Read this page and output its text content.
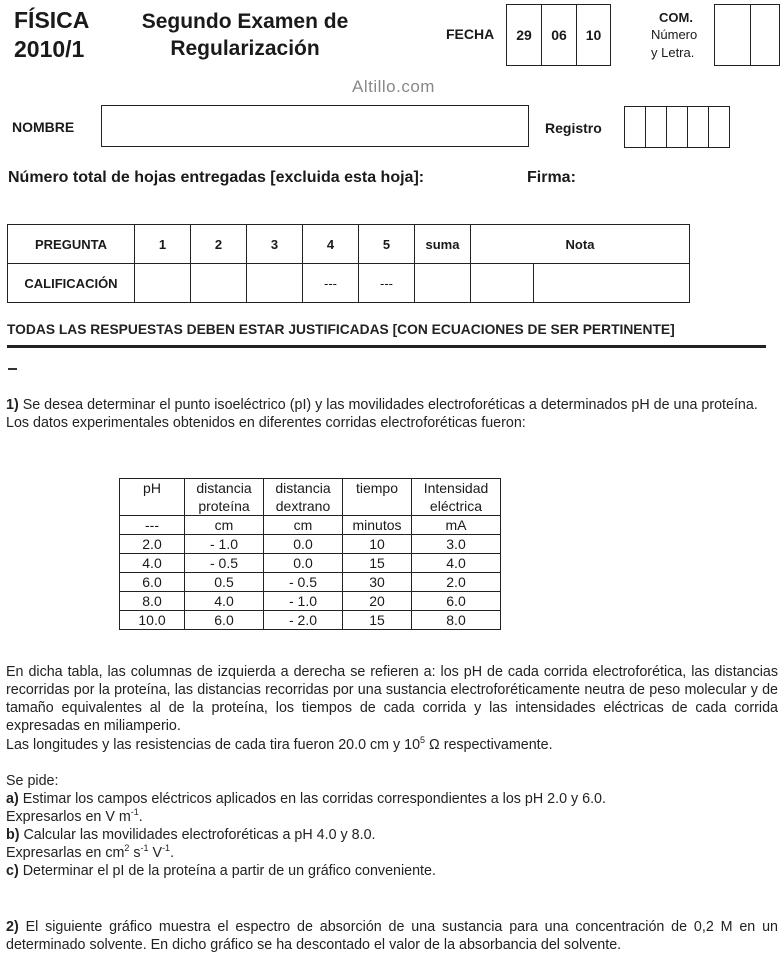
FÍSICA
2010/1
Segundo Examen de
Regularización
FECHA	29	06	10
COM.
Número
y Letra.
Altillo.com
NOMBRE	Registro
Número total de hojas entregadas [excluida esta hoja]:	Firma:
PREGUNTA	1	2	3	4	5	suma	Nota	
CALIFICACIÓN				---	---			
TODAS LAS RESPUESTAS DEBEN ESTAR JUSTIFICADAS [CON ECUACIONES DE SER PERTINENTE]
1) Se desea determinar el punto isoeléctrico (pI) y las movilidades electroforéticas a determinados pH de una proteína. Los datos experimentales obtenidos en diferentes corridas electroforéticas fueron:
pH	distancia proteína	distancia dextrano	tiempo	Intensidad eléctrica
---	cm	cm	minutos	mA
2.0	- 1.0	0.0	10	3.0
4.0	- 0.5	0.0	15	4.0
6.0	0.5	- 0.5	30	2.0
8.0	4.0	- 1.0	20	6.0
10.0	6.0	- 2.0	15	8.0
En dicha tabla, las columnas de izquierda a derecha se refieren a: los pH de cada corrida electroforética, las distancias recorridas por la proteína, las distancias recorridas por una sustancia electroforéticamente neutra de peso molecular y de tamaño equivalentes al de la proteína, los tiempos de cada corrida y las intensidades eléctricas de cada corrida expresadas en miliamperio.
Las longitudes y las resistencias de cada tira fueron 20.0 cm y $10^5$ Ω respectivamente.
Se pide:
a) Estimar los campos eléctricos aplicados en las corridas correspondientes a los pH 2.0 y 6.0.
Expresarlos en V $m^{-1}$.
b) Calcular las movilidades electroforéticas a pH 4.0 y 8.0.
Expresarlas en $cm^2$ $s^{-1}$ $V^{-1}$.
c) Determinar el pI de la proteína a partir de un gráfico conveniente.
2) El siguiente gráfico muestra el espectro de absorción de una sustancia para una concentración de 0,2 M en un determinado solvente. En dicho gráfico se ha descontado el valor de la absorbancia del solvente.
